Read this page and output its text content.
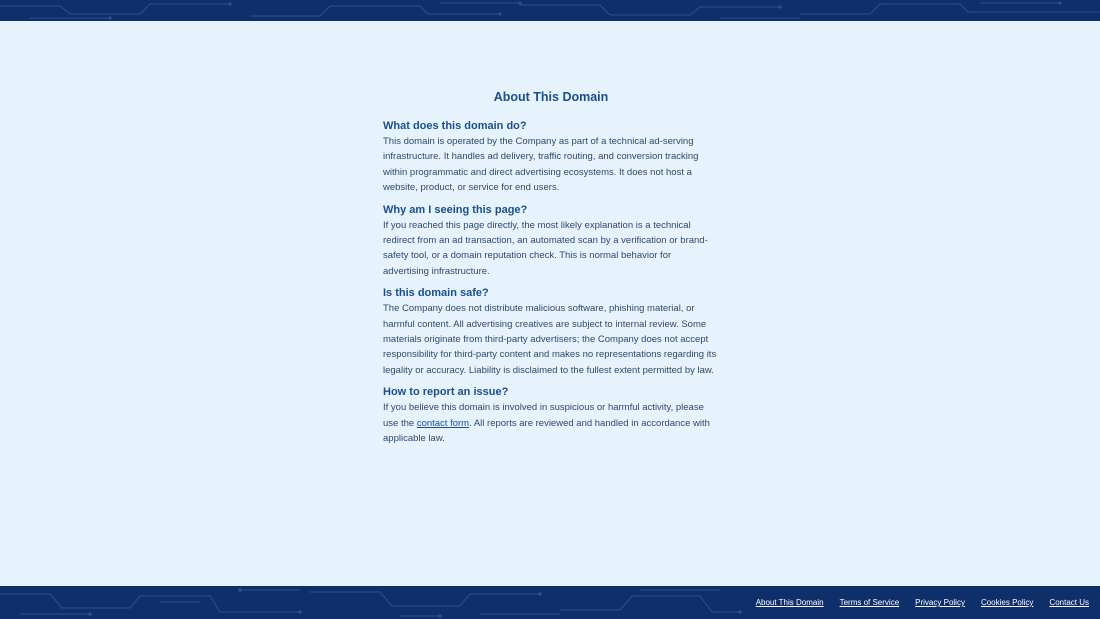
About This Domain
What does this domain do?

This domain is operated by the Company as part of a technical ad-serving infrastructure. It handles ad delivery, traffic routing, and conversion tracking within programmatic and direct advertising ecosystems. It does not host a website, product, or service for end users.

Why am I seeing this page?

If you reached this page directly, the most likely explanation is a technical redirect from an ad transaction, an automated scan by a verification or brand-safety tool, or a domain reputation check. This is normal behavior for advertising infrastructure.

Is this domain safe?

The Company does not distribute malicious software, phishing material, or harmful content. All advertising creatives are subject to internal review. Some materials originate from third-party advertisers; the Company does not accept responsibility for third-party content and makes no representations regarding its legality or accuracy. Liability is disclaimed to the fullest extent permitted by law.

How to report an issue?

If you believe this domain is involved in suspicious or harmful activity, please use the contact form. All reports are reviewed and handled in accordance with applicable law.

About This Domain Terms of Service Privacy Policy Cookies Policy Contact Us
